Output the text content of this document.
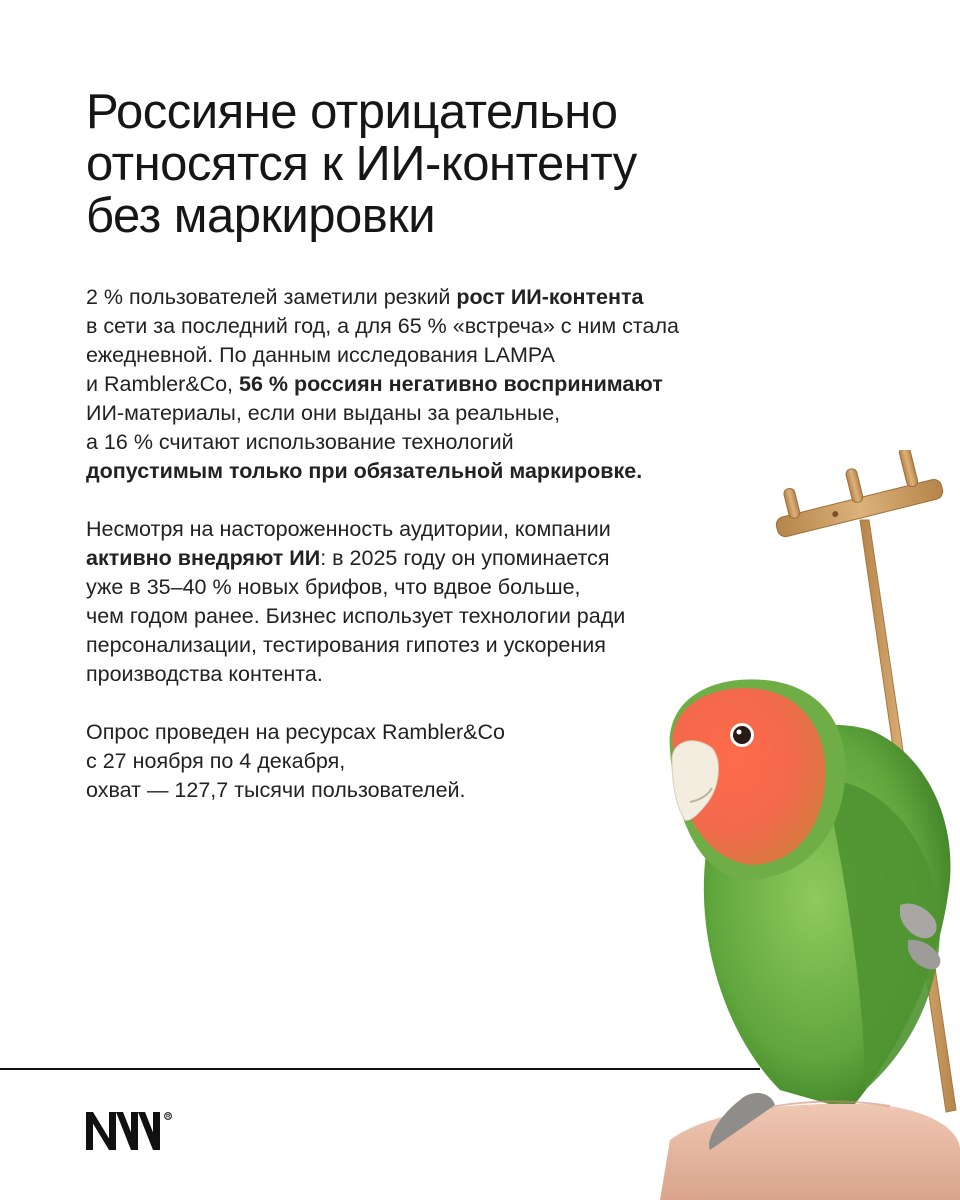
Россияне отрицательно
относятся к ИИ-контенту
без маркировки

2 % пользователей заметили резкий рост ИИ-контента
в сети за последний год, а для 65 % «встреча» с ним стала
ежедневной. По данным исследования LAMPA
и Rambler&Co, 56 % россиян негативно воспринимают
ИИ-материалы, если они выданы за реальные,
а 16 % считают использование технологий
допустимым только при обязательной маркировке.

Несмотря на настороженность аудитории, компании
активно внедряют ИИ: в 2025 году он упоминается
уже в 35–40 % новых брифов, что вдвое больше,
чем годом ранее. Бизнес использует технологии ради
персонализации, тестирования гипотез и ускорения
производства контента.

Опрос проведен на ресурсах Rambler&Co
с 27 ноября по 4 декабря,
охват — 127,7 тысячи пользователей.
